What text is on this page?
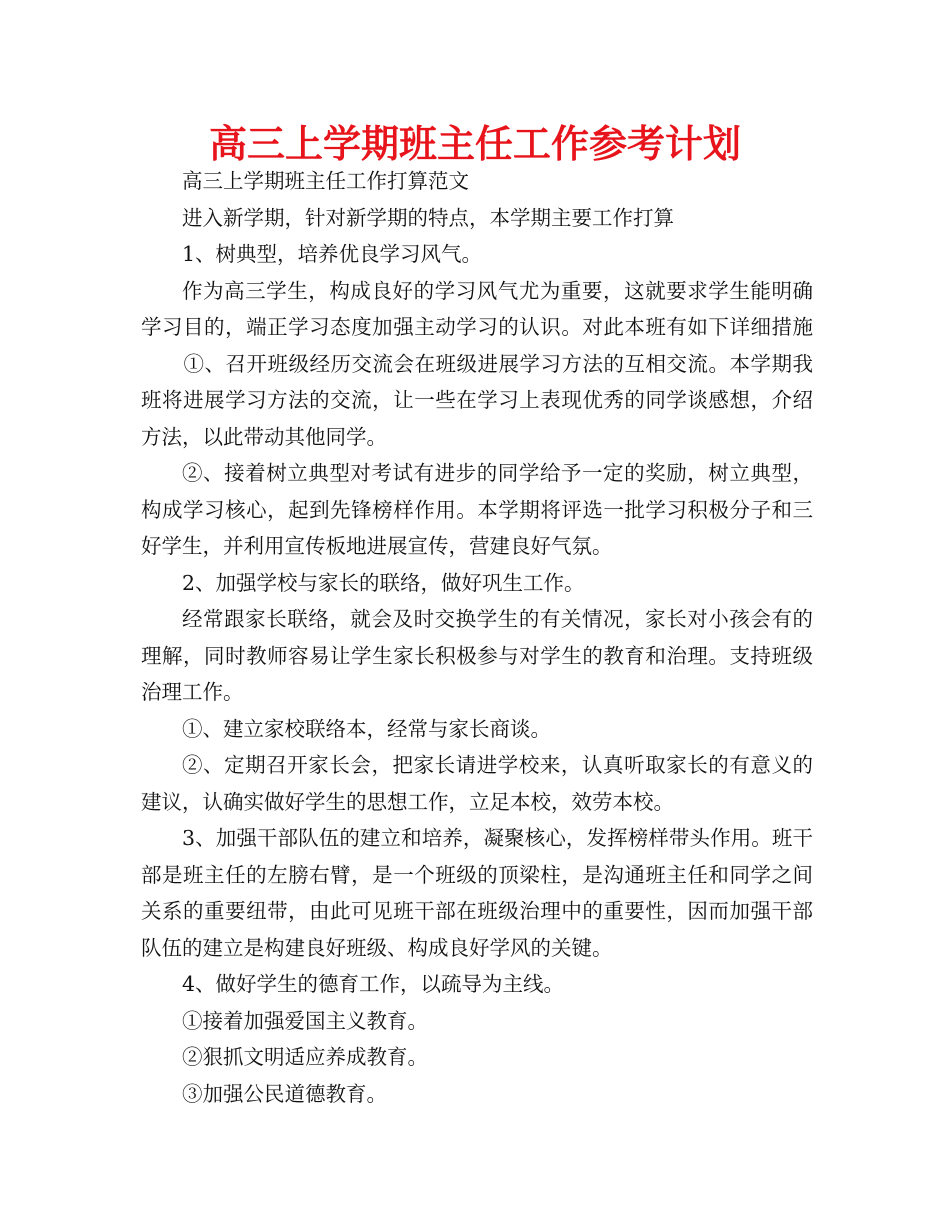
高三上学期班主任工作参考计划

高三上学期班主任工作打算范文

进入新学期，针对新学期的特点，本学期主要工作打算

1、树典型，培养优良学习风气。

作为高三学生，构成良好的学习风气尤为重要，这就要求学生能明确学习目的，端正学习态度加强主动学习的认识。对此本班有如下详细措施①、召开班级经历交流会在班级进展学习方法的互相交流。本学期我班将进展学习方法的交流，让一些在学习上表现优秀的同学谈感想，介绍方法，以此带动其他同学。

②、接着树立典型对考试有进步的同学给予一定的奖励，树立典型，构成学习核心，起到先锋榜样作用。本学期将评选一批学习积极分子和三好学生，并利用宣传板地进展宣传，营建良好气氛。

2、加强学校与家长的联络，做好巩生工作。

经常跟家长联络，就会及时交换学生的有关情况，家长对小孩会有的理解，同时教师容易让学生家长积极参与对学生的教育和治理。支持班级治理工作。

①、建立家校联络本，经常与家长商谈。

②、定期召开家长会，把家长请进学校来，认真听取家长的有意义的建议，认确实做好学生的思想工作，立足本校，效劳本校。

3、加强干部队伍的建立和培养，凝聚核心，发挥榜样带头作用。班干部是班主任的左膀右臂，是一个班级的顶梁柱，是沟通班主任和同学之间关系的重要纽带，由此可见班干部在班级治理中的重要性，因而加强干部队伍的建立是构建良好班级、构成良好学风的关键。

4、做好学生的德育工作，以疏导为主线。

①接着加强爱国主义教育。

②狠抓文明适应养成教育。

③加强公民道德教育。
